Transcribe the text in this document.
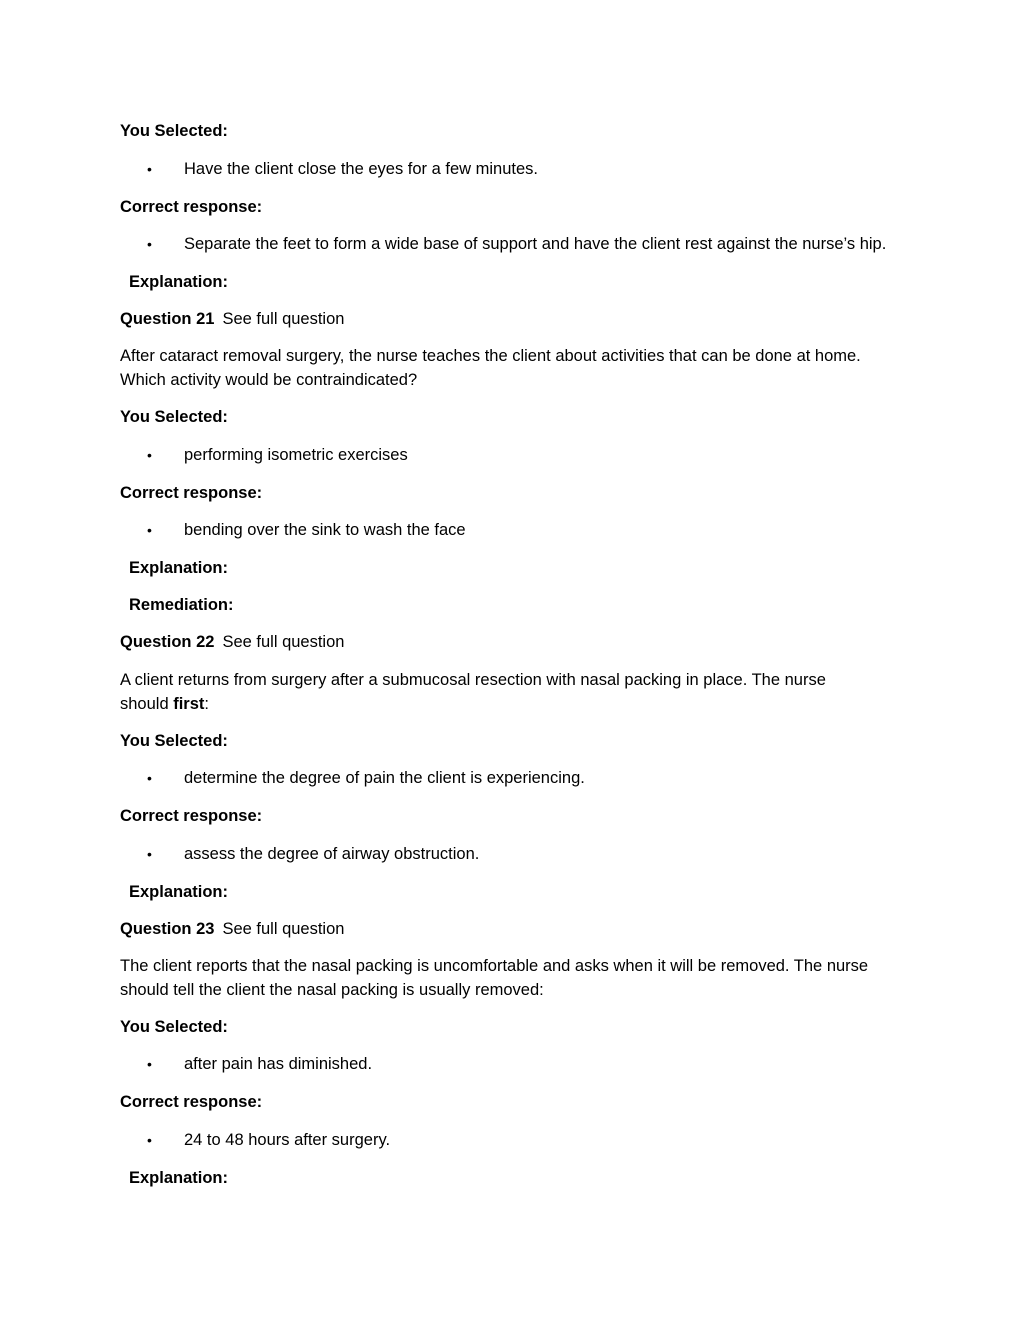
You Selected:
• Have the client close the eyes for a few minutes.
Correct response:
• Separate the feet to form a wide base of support and have the client rest against the nurse’s hip.
Explanation:
Question 21 See full question
After cataract removal surgery, the nurse teaches the client about activities that can be done at home.
Which activity would be contraindicated?
You Selected:
• performing isometric exercises
Correct response:
• bending over the sink to wash the face
Explanation:
Remediation:
Question 22 See full question
A client returns from surgery after a submucosal resection with nasal packing in place. The nurse
should first:
You Selected:
• determine the degree of pain the client is experiencing.
Correct response:
• assess the degree of airway obstruction.
Explanation:
Question 23 See full question
The client reports that the nasal packing is uncomfortable and asks when it will be removed. The nurse
should tell the client the nasal packing is usually removed:
You Selected:
• after pain has diminished.
Correct response:
• 24 to 48 hours after surgery.
Explanation:
